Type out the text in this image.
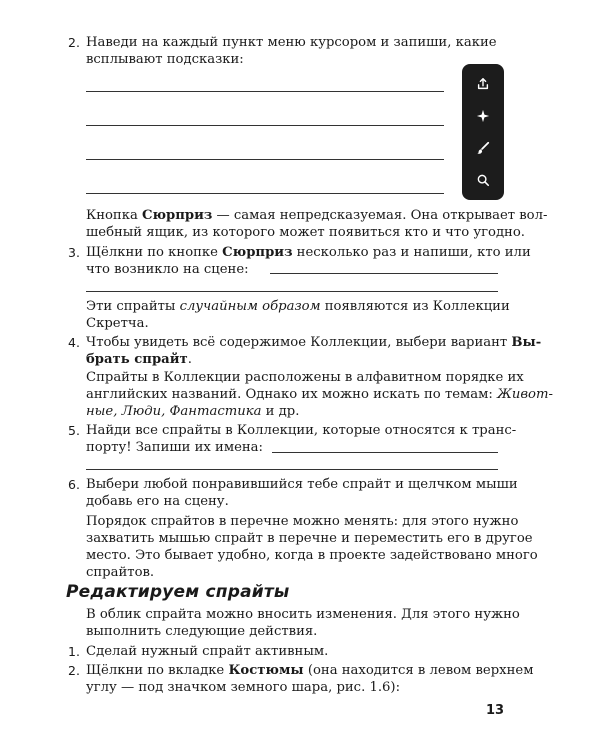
2. Наведи на каждый пункт меню курсором и запиши, какие
всплывают подсказки:
Кнопка Сюрприз — самая непредсказуемая. Она открывает вол-
шебный ящик, из которого может появиться кто и что угодно.
3. Щёлкни по кнопке Сюрприз несколько раз и напиши, кто или
что возникло на сцене:
Эти спрайты случайным образом появляются из Коллекции
Скретча.
4. Чтобы увидеть всё содержимое Коллекции, выбери вариант Вы-
брать спрайт.
Спрайты в Коллекции расположены в алфавитном порядке их
английских названий. Однако их можно искать по темам: Живот-
ные, Люди, Фантастика и др.
5. Найди все спрайты в Коллекции, которые относятся к транс-
порту! Запиши их имена:
6. Выбери любой понравившийся тебе спрайт и щелчком мыши
добавь его на сцену.
Порядок спрайтов в перечне можно менять: для этого нужно
захватить мышью спрайт в перечне и переместить его в другое
место. Это бывает удобно, когда в проекте задействовано много
спрайтов.
Редактируем спрайты
В облик спрайта можно вносить изменения. Для этого нужно
выполнить следующие действия.
1. Сделай нужный спрайт активным.
2. Щёлкни по вкладке Костюмы (она находится в левом верхнем
углу — под значком земного шара, рис. 1.6):
13
